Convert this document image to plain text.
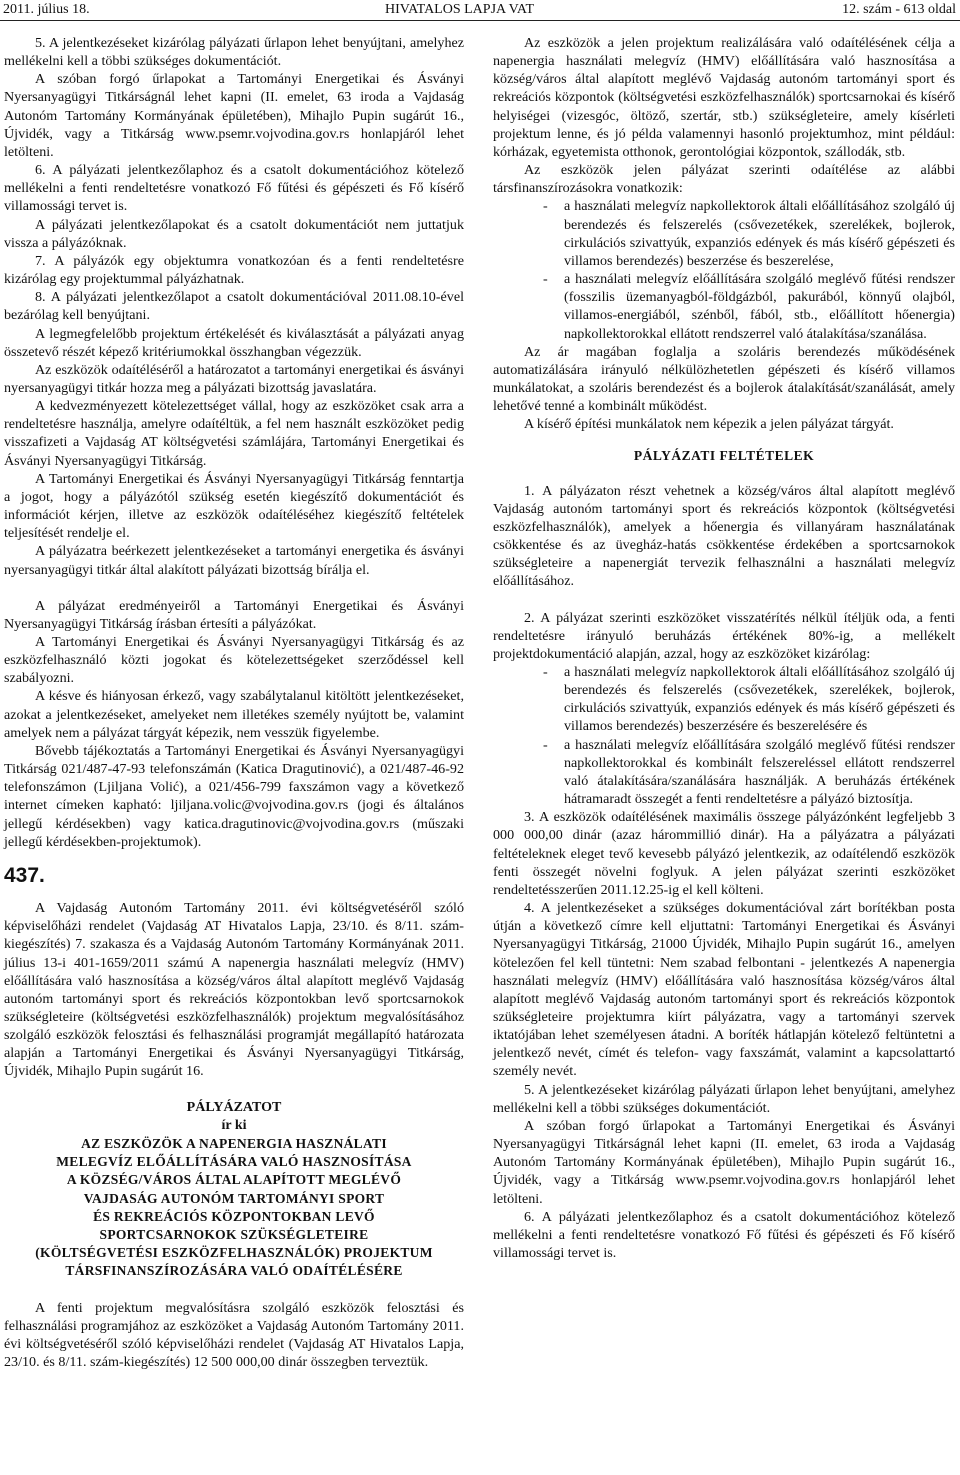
2011. július 18.	HIVATALOS LAPJA VAT	12. szám - 613 oldal

5. A jelentkezéseket kizárólag pályázati űrlapon lehet benyújtani, amelyhez mellékelni kell a többi szükséges dokumentációt.

A szóban forgó űrlapokat a Tartományi Energetikai és Ásványi Nyersanyagügyi Titkárságnál lehet kapni (II. emelet, 63 iroda a Vajdaság Autonóm Tartomány Kormányának épületében), Mihajlo Pupin sugárút 16., Újvidék, vagy a Titkárság www.psemr.vojvodina.gov.rs honlapjáról lehet letölteni.

6. A pályázati jelentkezőlaphoz és a csatolt dokumentációhoz kötelező mellékelni a fenti rendeltetésre vonatkozó Fő fűtési és gépészeti és Fő kísérő villamossági tervet is.

A pályázati jelentkezőlapokat és a csatolt dokumentációt nem juttatjuk vissza a pályázóknak.

7. A pályázók egy objektumra vonatkozóan és a fenti rendeltetésre kizárólag egy projektummal pályázhatnak.

8. A pályázati jelentkezőlapot a csatolt dokumentációval 2011.08.10-ével bezárólag kell benyújtani.

A legmegfelelőbb projektum értékelését és kiválasztását a pályázati anyag összetevő részét képező kritériumokkal összhangban végezzük.

Az eszközök odaítéléséről a határozatot a tartományi energetikai és ásványi nyersanyagügyi titkár hozza meg a pályázati bizottság javaslatára.

A kedvezményezett kötelezettséget vállal, hogy az eszközöket csak arra a rendeltetésre használja, amelyre odaítéltük, a fel nem használt eszközöket pedig visszafizeti a Vajdaság AT költségvetési számlájára, Tartományi Energetikai és Ásványi Nyersanyagügyi Titkárság.

A Tartományi Energetikai és Ásványi Nyersanyagügyi Titkárság fenntartja a jogot, hogy a pályázótól szükség esetén kiegészítő dokumentációt és információt kérjen, illetve az eszközök odaítéléséhez kiegészítő feltételek teljesítését rendelje el.

A pályázatra beérkezett jelentkezéseket a tartományi energetika és ásványi nyersanyagügyi titkár által alakított pályázati bizottság bírálja el.

A pályázat eredményeiről a Tartományi Energetikai és Ásványi Nyersanyagügyi Titkárság írásban értesíti a pályázókat.

A Tartományi Energetikai és Ásványi Nyersanyagügyi Titkárság és az eszközfelhasználó közti jogokat és kötelezettségeket szerződéssel kell szabályozni.

A késve és hiányosan érkező, vagy szabálytalanul kitöltött jelentkezéseket, azokat a jelentkezéseket, amelyeket nem illetékes személy nyújtott be, valamint amelyek nem a pályázat tárgyát képezik, nem vesszük figyelembe.

Bővebb tájékoztatás a Tartományi Energetikai és Ásványi Nyersanyagügyi Titkárság 021/487-47-93 telefonszámán (Katica Dragutinović), a 021/487-46-92 telefonszámon (Ljiljana Volić), a 021/456-799 faxszámon vagy a következő internet címeken kapható: ljiljana.volic@vojvodina.gov.rs (jogi és általános jellegű kérdésekben) vagy katica.dragutinovic@vojvodina.gov.rs (műszaki jellegű kérdésekben-projektumok).

437.

A Vajdaság Autonóm Tartomány 2011. évi költségvetéséről szóló képviselőházi rendelet (Vajdaság AT Hivatalos Lapja, 23/10. és 8/11. szám-kiegészítés) 7. szakasza és a Vajdaság Autonóm Tartomány Kormányának 2011. július 13-i 401-1659/2011 számú A napenergia használati melegvíz (HMV) előállítására való hasznosítása a község/város által alapított meglévő Vajdaság autonóm tartományi sport és rekreációs központokban levő sportcsarnokok szükségleteire (költségvetési eszközfelhasználók) projektum megvalósításához szolgáló eszközök felosztási és felhasználási programját megállapító határozata alapján a Tartományi Energetikai és Ásványi Nyersanyagügyi Titkárság, Újvidék, Mihajlo Pupin sugárút 16.

PÁLYÁZATOT

ír ki

AZ ESZKÖZÖK A NAPENERGIA HASZNÁLATI

MELEGVÍZ ELŐÁLLÍTÁSÁRA VALÓ HASZNOSÍTÁSA

A KÖZSÉG/VÁROS ÁLTAL ALAPÍTOTT MEGLÉVŐ

VAJDASÁG AUTONÓM TARTOMÁNYI SPORT

ÉS REKREÁCIÓS KÖZPONTOKBAN LEVŐ

SPORTCSARNOKOK SZÜKSÉGLETEIRE

(KÖLTSÉGVETÉSI ESZKÖZFELHASZNÁLÓK) PROJEKTUM

TÁRSFINANSZÍROZÁSÁRA VALÓ ODAÍTÉLÉSÉRE

A fenti projektum megvalósításra szolgáló eszközök felosztási és felhasználási programjához az eszközöket a Vajdaság Autonóm Tartomány 2011. évi költségvetéséről szóló képviselőházi rendelet (Vajdaság AT Hivatalos Lapja, 23/10. és 8/11. szám-kiegészítés) 12 500 000,00 dinár összegben terveztük.

Az eszközök a jelen projektum realizálására való odaítélésének célja a napenergia használati melegvíz (HMV) előállítására való hasznosítása a község/város által alapított meglévő Vajdaság autonóm tartományi sport és rekreációs központok (költségvetési eszközfelhasználók) sportcsarnokai és kísérő helyiségei (vizesgóc, öltöző, szertár, stb.) szükségleteire, amely kísérleti projektum lenne, és jó példa valamennyi hasonló projektumhoz, mint például: kórházak, egyetemista otthonok, gerontológiai központok, szállodák, stb.

Az eszközök jelen pályázat szerinti odaítélése az alábbi társfinanszírozásokra vonatkozik:

- a használati melegvíz napkollektorok általi előállításához szolgáló új berendezés és felszerelés (csővezetékek, szerelékek, bojlerok, cirkulációs szivattyúk, expanziós edények és más kísérő gépészeti és villamos berendezés) beszerzése és beszerelése,

- a használati melegvíz előállítására szolgáló meglévő fűtési rendszer (fosszilis üzemanyagból-földgázból, pakurából, könnyű olajból, villamos-energiából, szénből, fából, stb., előállított hőenergia) napkollektorokkal ellátott rendszerrel való átalakítása/szanálása.

Az ár magában foglalja a szoláris berendezés működésének automatizálására irányuló nélkülözhetetlen gépészeti és kísérő villamos munkálatokat, a szoláris berendezést és a bojlerok átalakítását/szanálását, amely lehetővé tenné a kombinált működést.

A kísérő építési munkálatok nem képezik a jelen pályázat tárgyát.

PÁLYÁZATI FELTÉTELEK

1. A pályázaton részt vehetnek a község/város által alapított meglévő Vajdaság autonóm tartományi sport és rekreációs központok (költségvetési eszközfelhasználók), amelyek a hőenergia és villanyáram használatának csökkentése és az üvegház-hatás csökkentése érdekében a sportcsarnokok szükségleteire a napenergiát tervezik felhasználni a használati melegvíz előállításához.

2. A pályázat szerinti eszközöket visszatérítés nélkül ítéljük oda, a fenti rendeltetésre irányuló beruházás értékének 80%-ig, a mellékelt projektdokumentáció alapján, azzal, hogy az eszközöket kizárólag:

- a használati melegvíz napkollektorok általi előállításához szolgáló új berendezés és felszerelés (csővezetékek, szerelékek, bojlerok, cirkulációs szivattyúk, expanziós edények és más kísérő gépészeti és villamos berendezés) beszerzésére és beszerelésére és

- a használati melegvíz előállítására szolgáló meglévő fűtési rendszer napkollektorokkal és kombinált felszereléssel ellátott rendszerrel való átalakítására/szanálására használják. A beruházás értékének hátramaradt összegét a fenti rendeltetésre a pályázó biztosítja.

3. A eszközök odaítélésének maximális összege pályázónként legfeljebb 3 000 000,00 dinár (azaz hárommillió dinár). Ha a pályázatra a pályázati feltételeknek eleget tevő kevesebb pályázó jelentkezik, az odaítélendő eszközök fenti összegét növelni foglyuk. A jelen pályázat szerinti eszközöket rendeltetésszerűen 2011.12.25-ig el kell költeni.

4. A jelentkezéseket a szükséges dokumentációval zárt borítékban posta útján a következő címre kell eljuttatni: Tartományi Energetikai és Ásványi Nyersanyagügyi Titkárság, 21000 Újvidék, Mihajlo Pupin sugárút 16., amelyen kötelezően fel kell tüntetni: Nem szabad felbontani - jelentkezés A napenergia használati melegvíz (HMV) előállítására való hasznosítása község/város által alapított meglévő Vajdaság autonóm tartományi sport és rekreációs központok szükségleteire projektumra kiírt pályázatra, vagy a tartományi szervek iktatójában lehet személyesen átadni. A boríték hátlapján kötelező feltüntetni a jelentkező nevét, címét és telefon- vagy faxszámát, valamint a kapcsolattartó személy nevét.

5. A jelentkezéseket kizárólag pályázati űrlapon lehet benyújtani, amelyhez mellékelni kell a többi szükséges dokumentációt.

A szóban forgó űrlapokat a Tartományi Energetikai és Ásványi Nyersanyagügyi Titkárságnál lehet kapni (II. emelet, 63 iroda a Vajdaság Autonóm Tartomány Kormányának épületében), Mihajlo Pupin sugárút 16., Újvidék, vagy a Titkárság www.psemr.vojvodina.gov.rs honlapjáról lehet letölteni.

6. A pályázati jelentkezőlaphoz és a csatolt dokumentációhoz kötelező mellékelni a fenti rendeltetésre vonatkozó Fő fűtési és gépészeti és Fő kísérő villamossági tervet is.
